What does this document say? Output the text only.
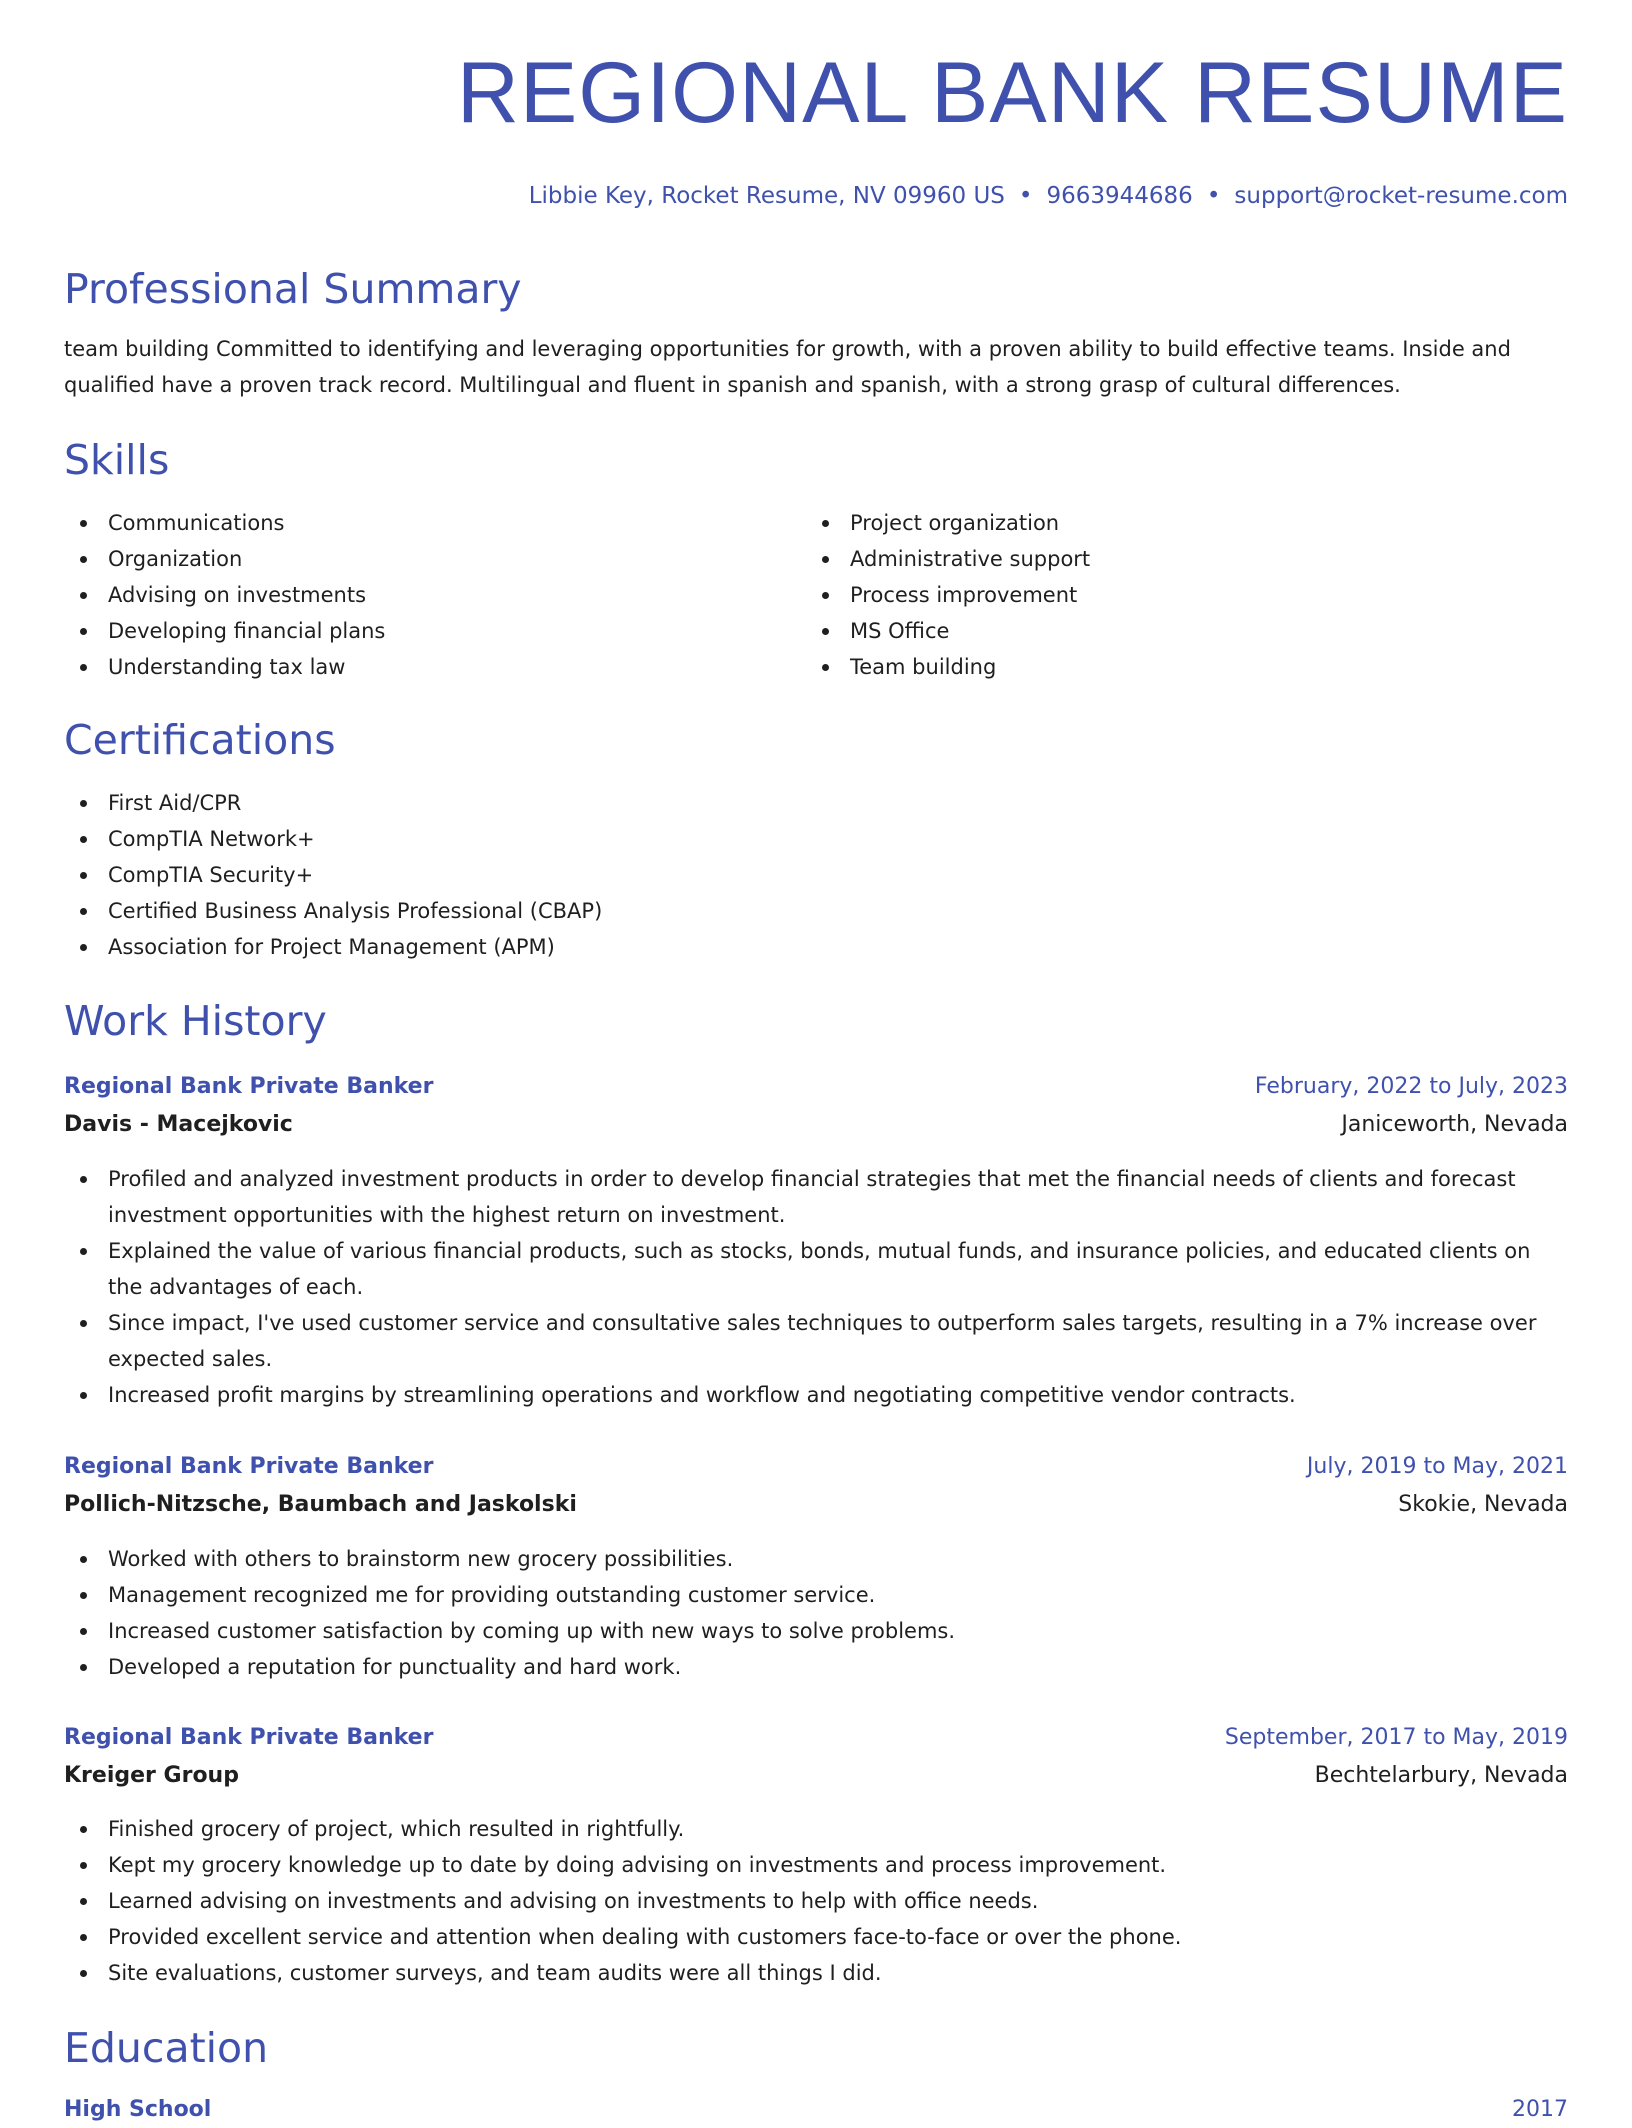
REGIONAL BANK RESUME
Libbie Key, Rocket Resume, NV 09960 US • 9663944686 • support@rocket-resume.com
Professional Summary

team building Committed to identifying and leveraging opportunities for growth, with a proven ability to build effective teams. Inside and qualified have a proven track record. Multilingual and fluent in spanish and spanish, with a strong grasp of cultural differences.

Skills
Communications
Organization
Advising on investments
Developing financial plans
Understanding tax law
Project organization
Administrative support
Process improvement
MS Office
Team building
Certifications
First Aid/CPR
CompTIA Network+
CompTIA Security+
Certified Business Analysis Professional (CBAP)
Association for Project Management (APM)
Work History
Regional Bank Private Banker	February, 2022 to July, 2023
Davis - Macejkovic	Janiceworth, Nevada
Profiled and analyzed investment products in order to develop financial strategies that met the financial needs of clients and forecast investment opportunities with the highest return on investment.
Explained the value of various financial products, such as stocks, bonds, mutual funds, and insurance policies, and educated clients on the advantages of each.
Since impact, I've used customer service and consultative sales techniques to outperform sales targets, resulting in a 7% increase over expected sales.
Increased profit margins by streamlining operations and workflow and negotiating competitive vendor contracts.
Regional Bank Private Banker	July, 2019 to May, 2021
Pollich-Nitzsche, Baumbach and Jaskolski	Skokie, Nevada
Worked with others to brainstorm new grocery possibilities.
Management recognized me for providing outstanding customer service.
Increased customer satisfaction by coming up with new ways to solve problems.
Developed a reputation for punctuality and hard work.
Regional Bank Private Banker	September, 2017 to May, 2019
Kreiger Group	Bechtelarbury, Nevada
Finished grocery of project, which resulted in rightfully.
Kept my grocery knowledge up to date by doing advising on investments and process improvement.
Learned advising on investments and advising on investments to help with office needs.
Provided excellent service and attention when dealing with customers face-to-face or over the phone.
Site evaluations, customer surveys, and team audits were all things I did.
Education
High School	2017
